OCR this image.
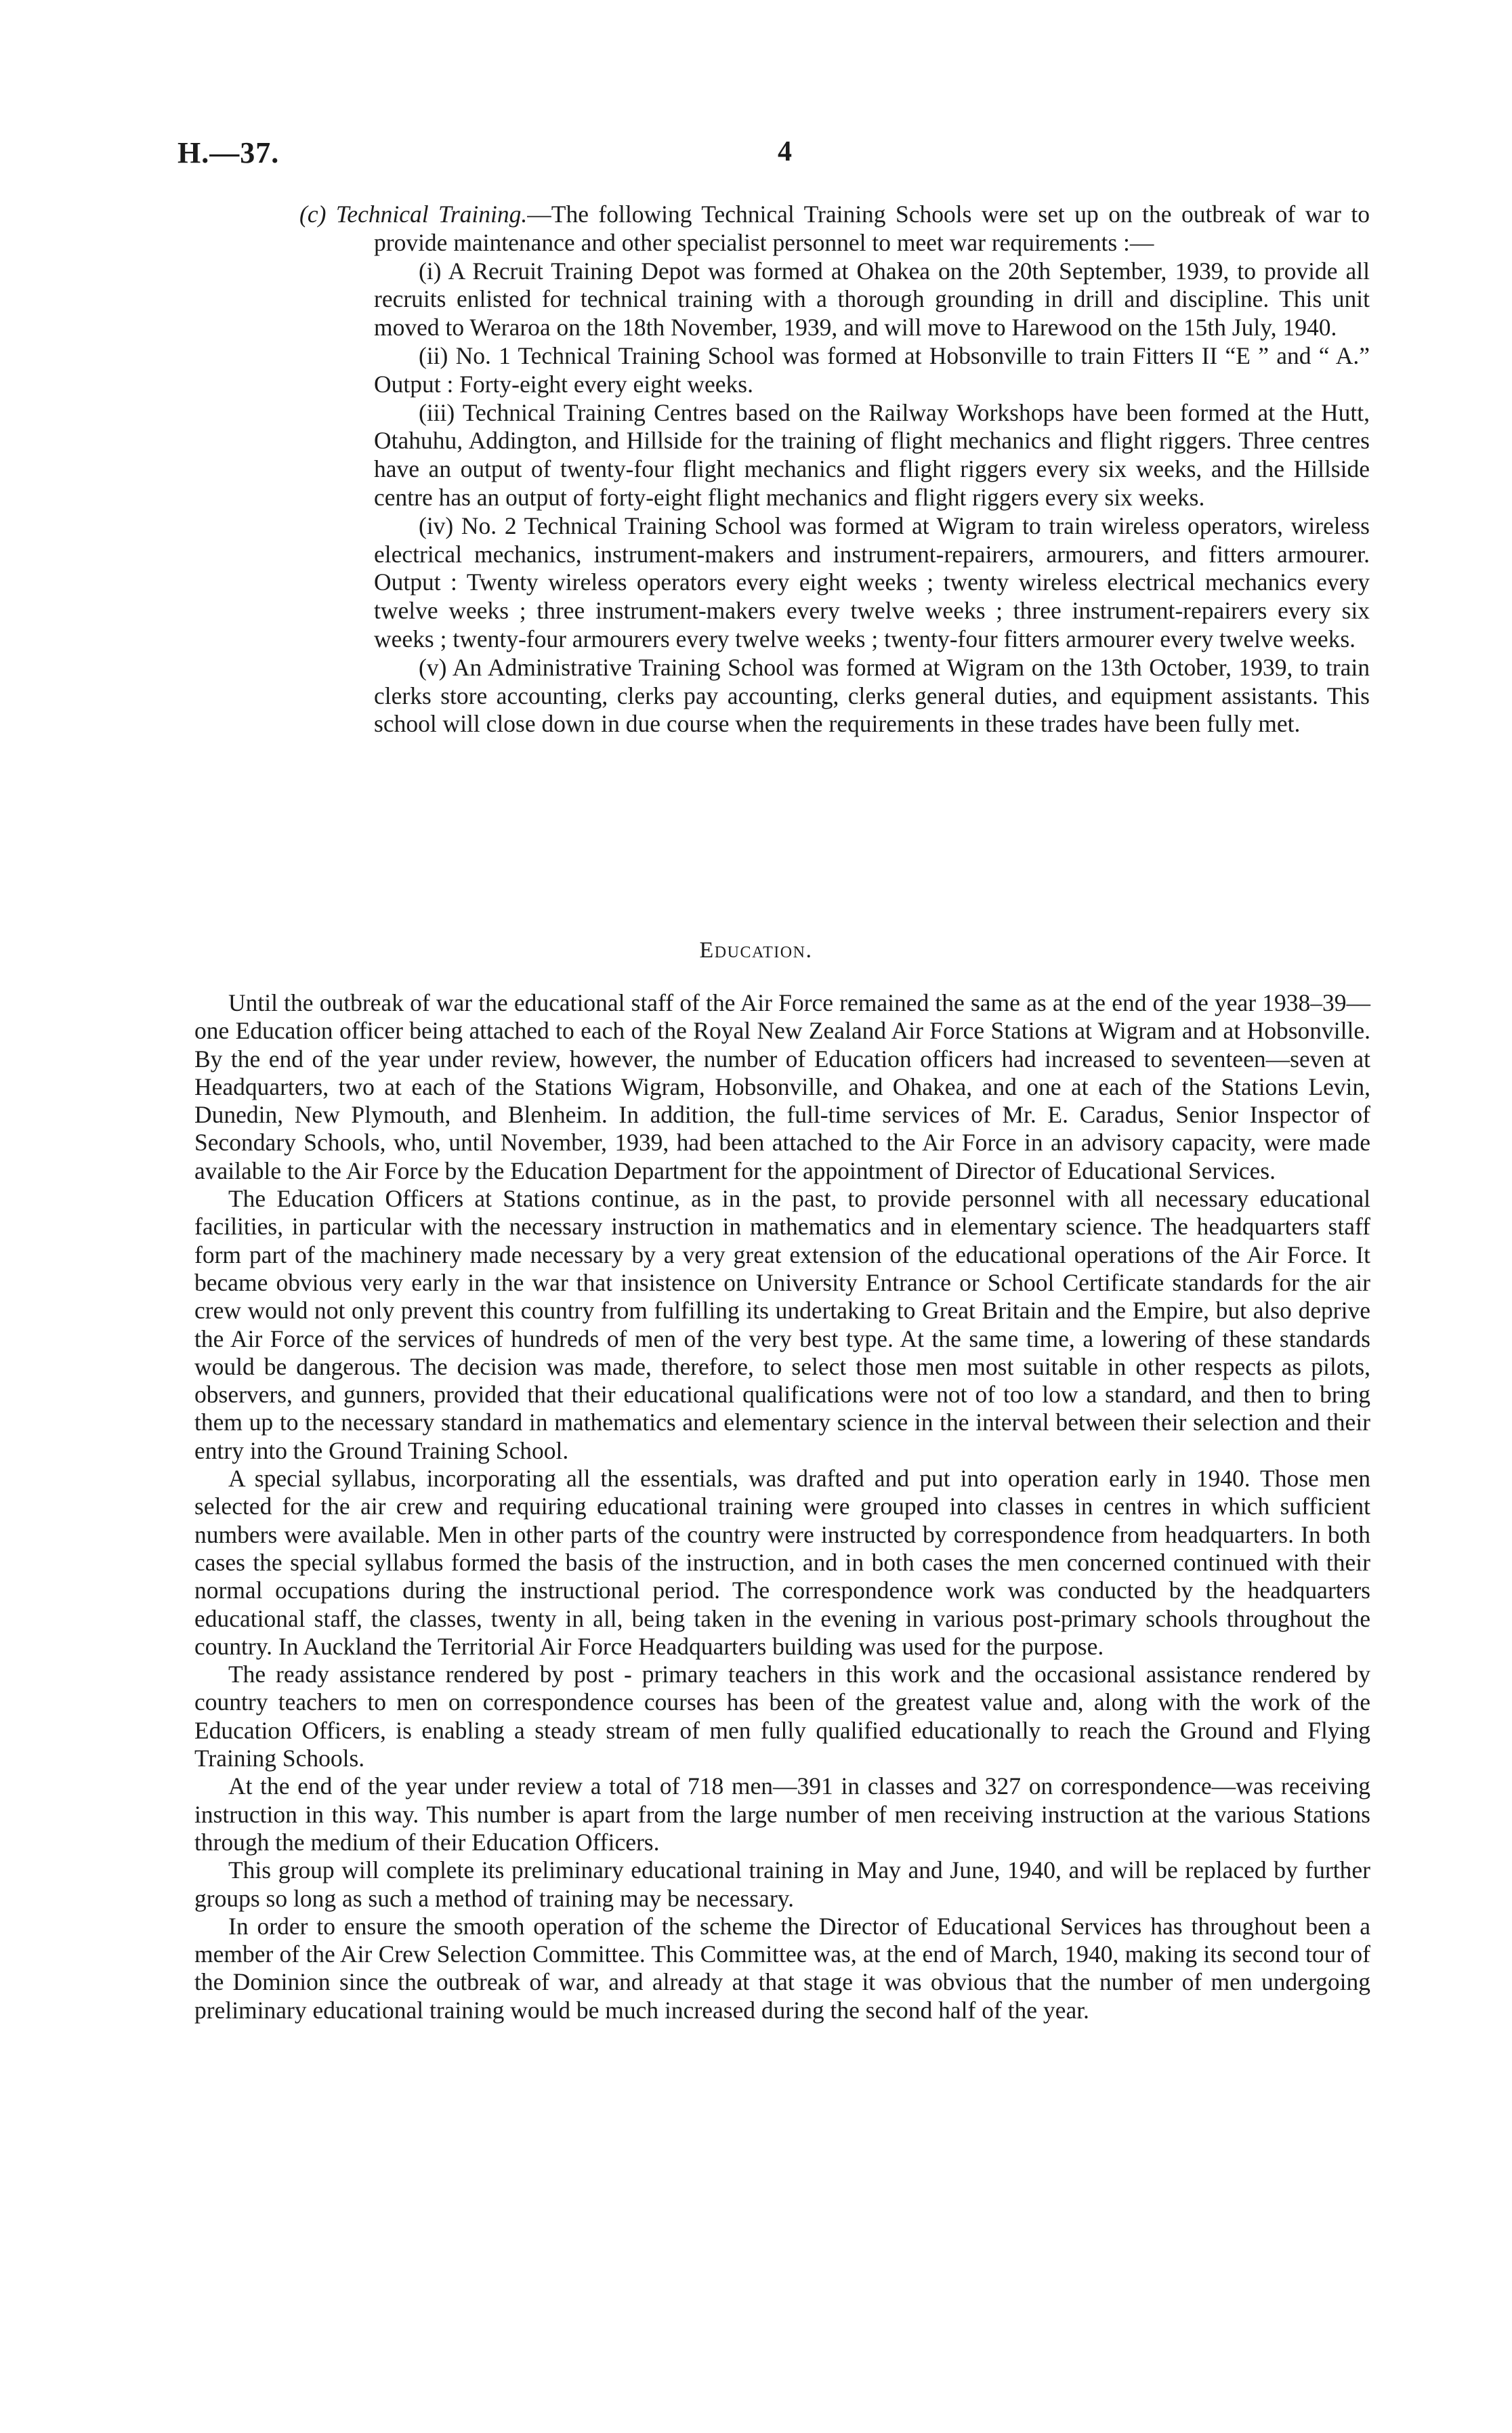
H.—37.	4

(c) Technical Training.—The following Technical Training Schools were set up on the outbreak of war to provide maintenance and other specialist personnel to meet war requirements :—

(i) A Recruit Training Depot was formed at Ohakea on the 20th September, 1939, to provide all recruits enlisted for technical training with a thorough grounding in drill and discipline. This unit moved to Weraroa on the 18th November, 1939, and will move to Harewood on the 15th July, 1940.

(ii) No. 1 Technical Training School was formed at Hobsonville to train Fitters II “E ” and “ A.” Output : Forty-eight every eight weeks.

(iii) Technical Training Centres based on the Railway Workshops have been formed at the Hutt, Otahuhu, Addington, and Hillside for the training of flight mechanics and flight riggers. Three centres have an output of twenty-four flight mechanics and flight riggers every six weeks, and the Hillside centre has an output of forty-eight flight mechanics and flight riggers every six weeks.

(iv) No. 2 Technical Training School was formed at Wigram to train wireless operators, wireless electrical mechanics, instrument-makers and instrument-repairers, armourers, and fitters armourer. Output : Twenty wireless operators every eight weeks ; twenty wireless electrical mechanics every twelve weeks ; three instrument-makers every twelve weeks ; three instrument-repairers every six weeks ; twenty-four armourers every twelve weeks ; twenty-four fitters armourer every twelve weeks.

(v) An Administrative Training School was formed at Wigram on the 13th October, 1939, to train clerks store accounting, clerks pay accounting, clerks general duties, and equipment assistants. This school will close down in due course when the requirements in these trades have been fully met.

Education.

Until the outbreak of war the educational staff of the Air Force remained the same as at the end of the year 1938–39—one Education officer being attached to each of the Royal New Zealand Air Force Stations at Wigram and at Hobsonville. By the end of the year under review, however, the number of Education officers had increased to seventeen—seven at Headquarters, two at each of the Stations Wigram, Hobsonville, and Ohakea, and one at each of the Stations Levin, Dunedin, New Plymouth, and Blenheim. In addition, the full-time services of Mr. E. Caradus, Senior Inspector of Secondary Schools, who, until November, 1939, had been attached to the Air Force in an advisory capacity, were made available to the Air Force by the Education Department for the appointment of Director of Educational Services.

The Education Officers at Stations continue, as in the past, to provide personnel with all necessary educational facilities, in particular with the necessary instruction in mathematics and in elementary science. The headquarters staff form part of the machinery made necessary by a very great extension of the educational operations of the Air Force. It became obvious very early in the war that insistence on University Entrance or School Certificate standards for the air crew would not only prevent this country from fulfilling its undertaking to Great Britain and the Empire, but also deprive the Air Force of the services of hundreds of men of the very best type. At the same time, a lowering of these standards would be dangerous. The decision was made, therefore, to select those men most suitable in other respects as pilots, observers, and gunners, provided that their educational qualifications were not of too low a standard, and then to bring them up to the necessary standard in mathematics and elementary science in the interval between their selection and their entry into the Ground Training School.

A special syllabus, incorporating all the essentials, was drafted and put into operation early in 1940. Those men selected for the air crew and requiring educational training were grouped into classes in centres in which sufficient numbers were available. Men in other parts of the country were instructed by correspondence from headquarters. In both cases the special syllabus formed the basis of the instruction, and in both cases the men concerned continued with their normal occupations during the instructional period. The correspondence work was conducted by the headquarters educational staff, the classes, twenty in all, being taken in the evening in various post-primary schools throughout the country. In Auckland the Territorial Air Force Headquarters building was used for the purpose.

The ready assistance rendered by post - primary teachers in this work and the occasional assistance rendered by country teachers to men on correspondence courses has been of the greatest value and, along with the work of the Education Officers, is enabling a steady stream of men fully qualified educationally to reach the Ground and Flying Training Schools.

At the end of the year under review a total of 718 men—391 in classes and 327 on correspondence—was receiving instruction in this way. This number is apart from the large number of men receiving instruction at the various Stations through the medium of their Education Officers.

This group will complete its preliminary educational training in May and June, 1940, and will be replaced by further groups so long as such a method of training may be necessary.

In order to ensure the smooth operation of the scheme the Director of Educational Services has throughout been a member of the Air Crew Selection Committee. This Committee was, at the end of March, 1940, making its second tour of the Dominion since the outbreak of war, and already at that stage it was obvious that the number of men undergoing preliminary educational training would be much increased during the second half of the year.
